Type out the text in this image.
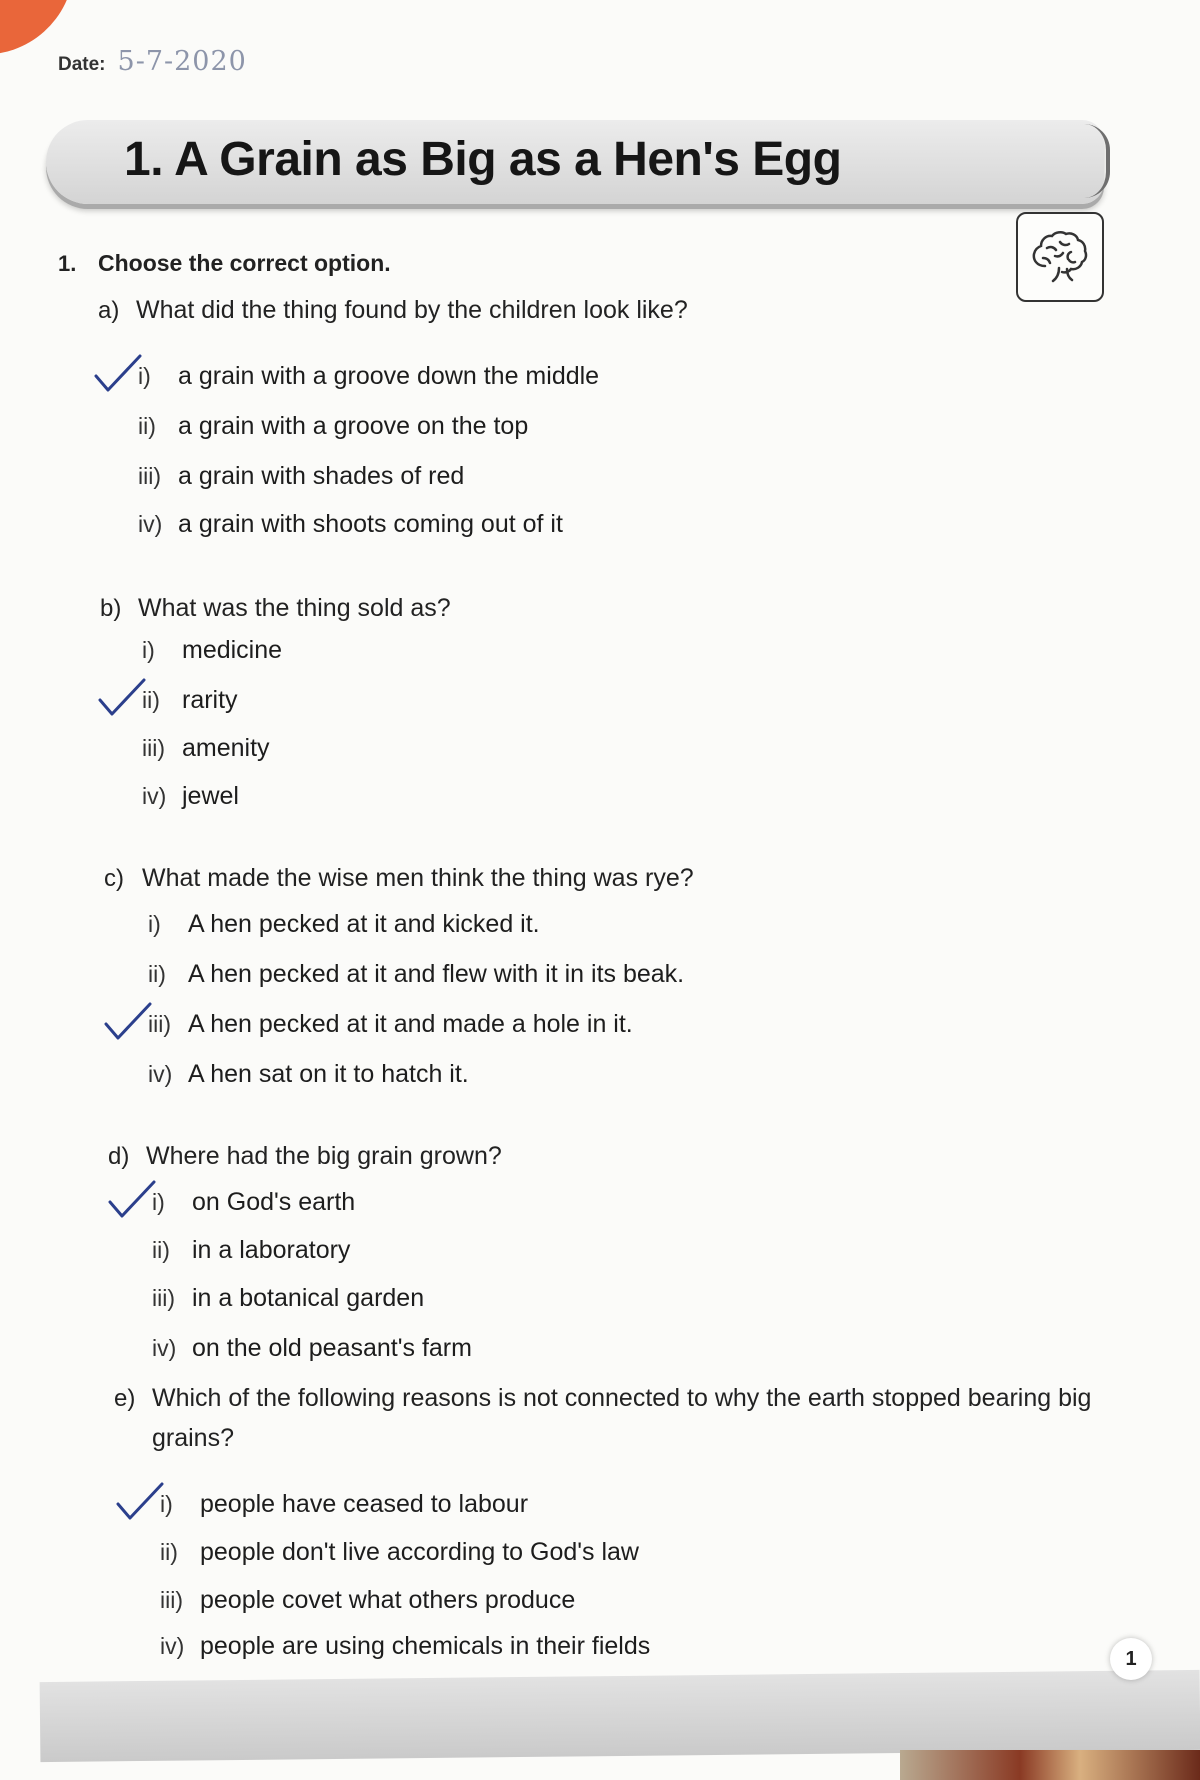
Date: 5-7-2020
1. A Grain as Big as a Hen's Egg
1. Choose the correct option.
a) What did the thing found by the children look like?
i)	a grain with a groove down the middle
ii) a grain with a groove on the top
iii) a grain with shades of red
iv) a grain with shoots coming out of it
b) What was the thing sold as?
i)	medicine
ii) rarity
iii) amenity
iv) jewel
c) What made the wise men think the thing was rye?
i)	A hen pecked at it and kicked it.
ii) A hen pecked at it and flew with it in its beak.
iii) A hen pecked at it and made a hole in it.
iv) A hen sat on it to hatch it.
d) Where had the big grain grown?
i)	on God's earth
ii) in a laboratory
iii) in a botanical garden
iv) on the old peasant's farm
e) Which of the following reasons is not connected to why the earth stopped bearing big grains?
i)	people have ceased to labour
ii) people don't live according to God's law
iii) people covet what others produce
iv) people are using chemicals in their fields	1
